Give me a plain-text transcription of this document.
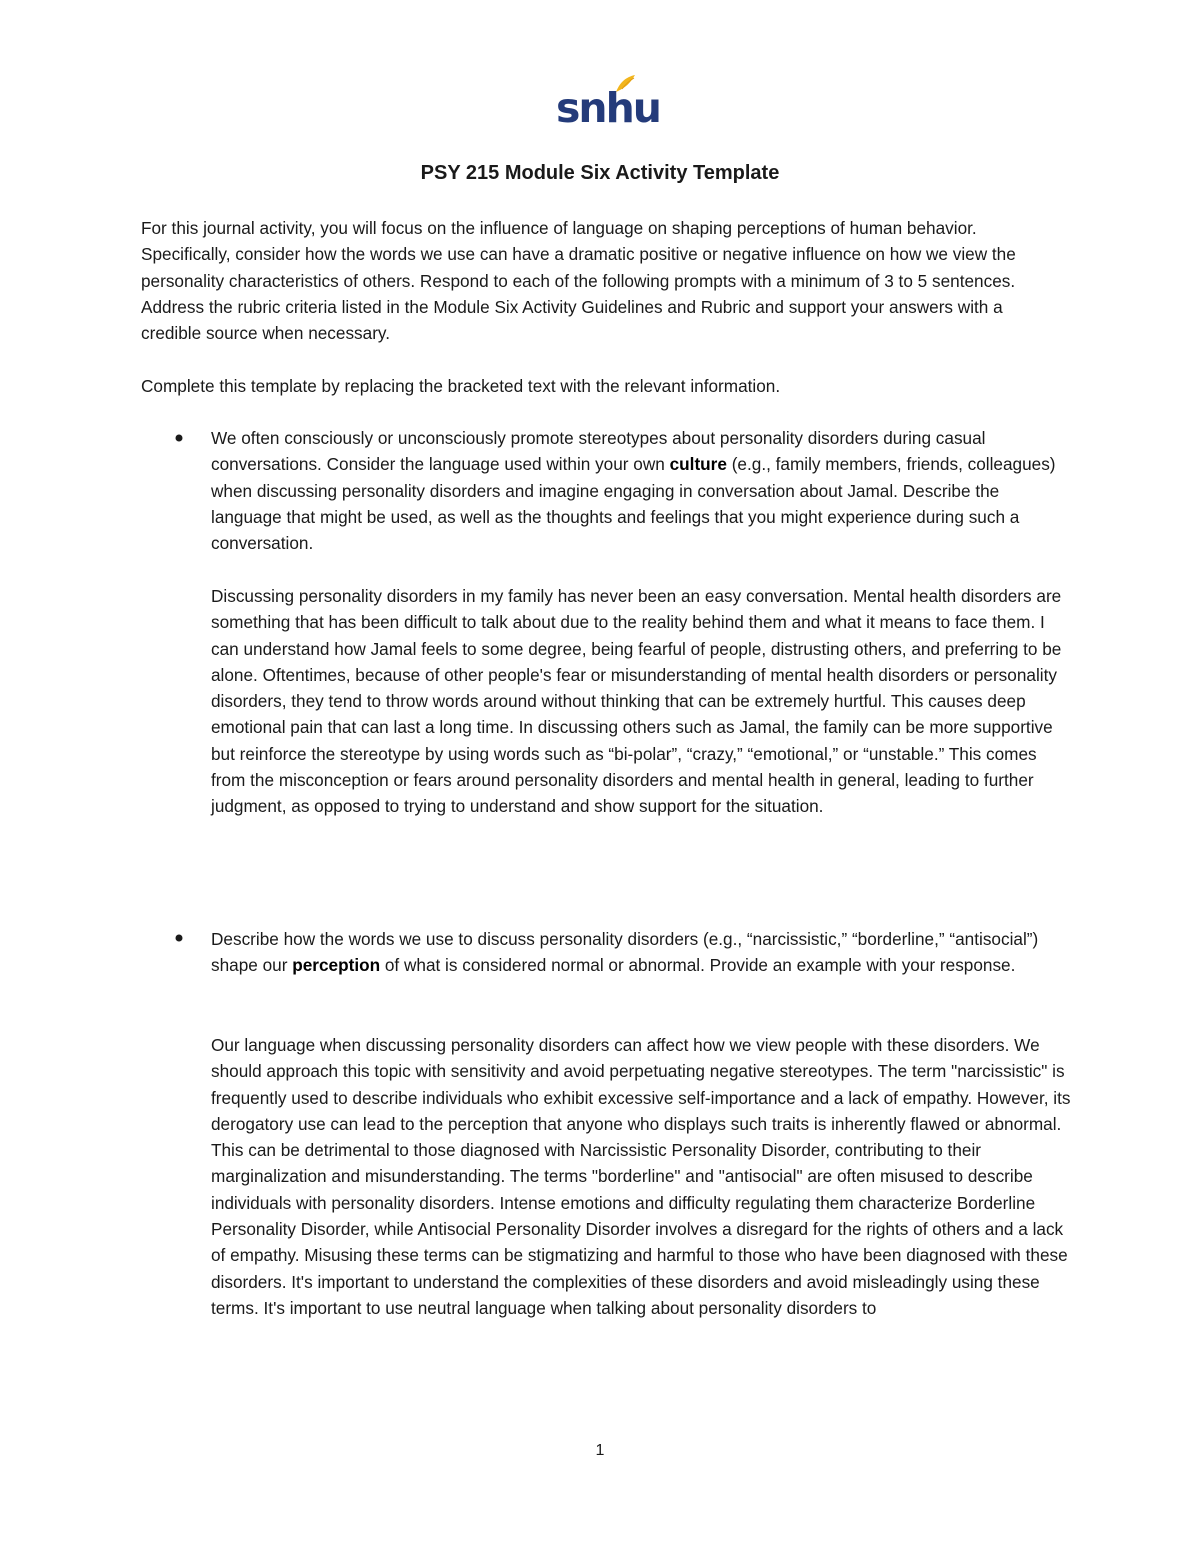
snhu
PSY 215 Module Six Activity Template

For this journal activity, you will focus on the influence of language on shaping perceptions of human behavior. Specifically, consider how the words we use can have a dramatic positive or negative influence on how we view the personality characteristics of others. Respond to each of the following prompts with a minimum of 3 to 5 sentences. Address the rubric criteria listed in the Module Six Activity Guidelines and Rubric and support your answers with a credible source when necessary.

Complete this template by replacing the bracketed text with the relevant information.

We often consciously or unconsciously promote stereotypes about personality disorders during casual conversations. Consider the language used within your own culture (e.g., family members, friends, colleagues) when discussing personality disorders and imagine engaging in conversation about Jamal. Describe the language that might be used, as well as the thoughts and feelings that you might experience during such a conversation.

Discussing personality disorders in my family has never been an easy conversation. Mental health disorders are something that has been difficult to talk about due to the reality behind them and what it means to face them. I can understand how Jamal feels to some degree, being fearful of people, distrusting others, and preferring to be alone. Oftentimes, because of other people's fear or misunderstanding of mental health disorders or personality disorders, they tend to throw words around without thinking that can be extremely hurtful. This causes deep emotional pain that can last a long time. In discussing others such as Jamal, the family can be more supportive but reinforce the stereotype by using words such as “bi-polar”, “crazy,” “emotional,” or “unstable.” This comes from the misconception or fears around personality disorders and mental health in general, leading to further judgment, as opposed to trying to understand and show support for the situation.

Describe how the words we use to discuss personality disorders (e.g., “narcissistic,” “borderline,” “antisocial”) shape our perception of what is considered normal or abnormal. Provide an example with your response.

Our language when discussing personality disorders can affect how we view people with these disorders. We should approach this topic with sensitivity and avoid perpetuating negative stereotypes. The term "narcissistic" is frequently used to describe individuals who exhibit excessive self-importance and a lack of empathy. However, its derogatory use can lead to the perception that anyone who displays such traits is inherently flawed or abnormal. This can be detrimental to those diagnosed with Narcissistic Personality Disorder, contributing to their marginalization and misunderstanding. The terms "borderline" and "antisocial" are often misused to describe individuals with personality disorders. Intense emotions and difficulty regulating them characterize Borderline Personality Disorder, while Antisocial Personality Disorder involves a disregard for the rights of others and a lack of empathy. Misusing these terms can be stigmatizing and harmful to those who have been diagnosed with these disorders. It's important to understand the complexities of these disorders and avoid misleadingly using these terms. It's important to use neutral language when talking about personality disorders to

1
